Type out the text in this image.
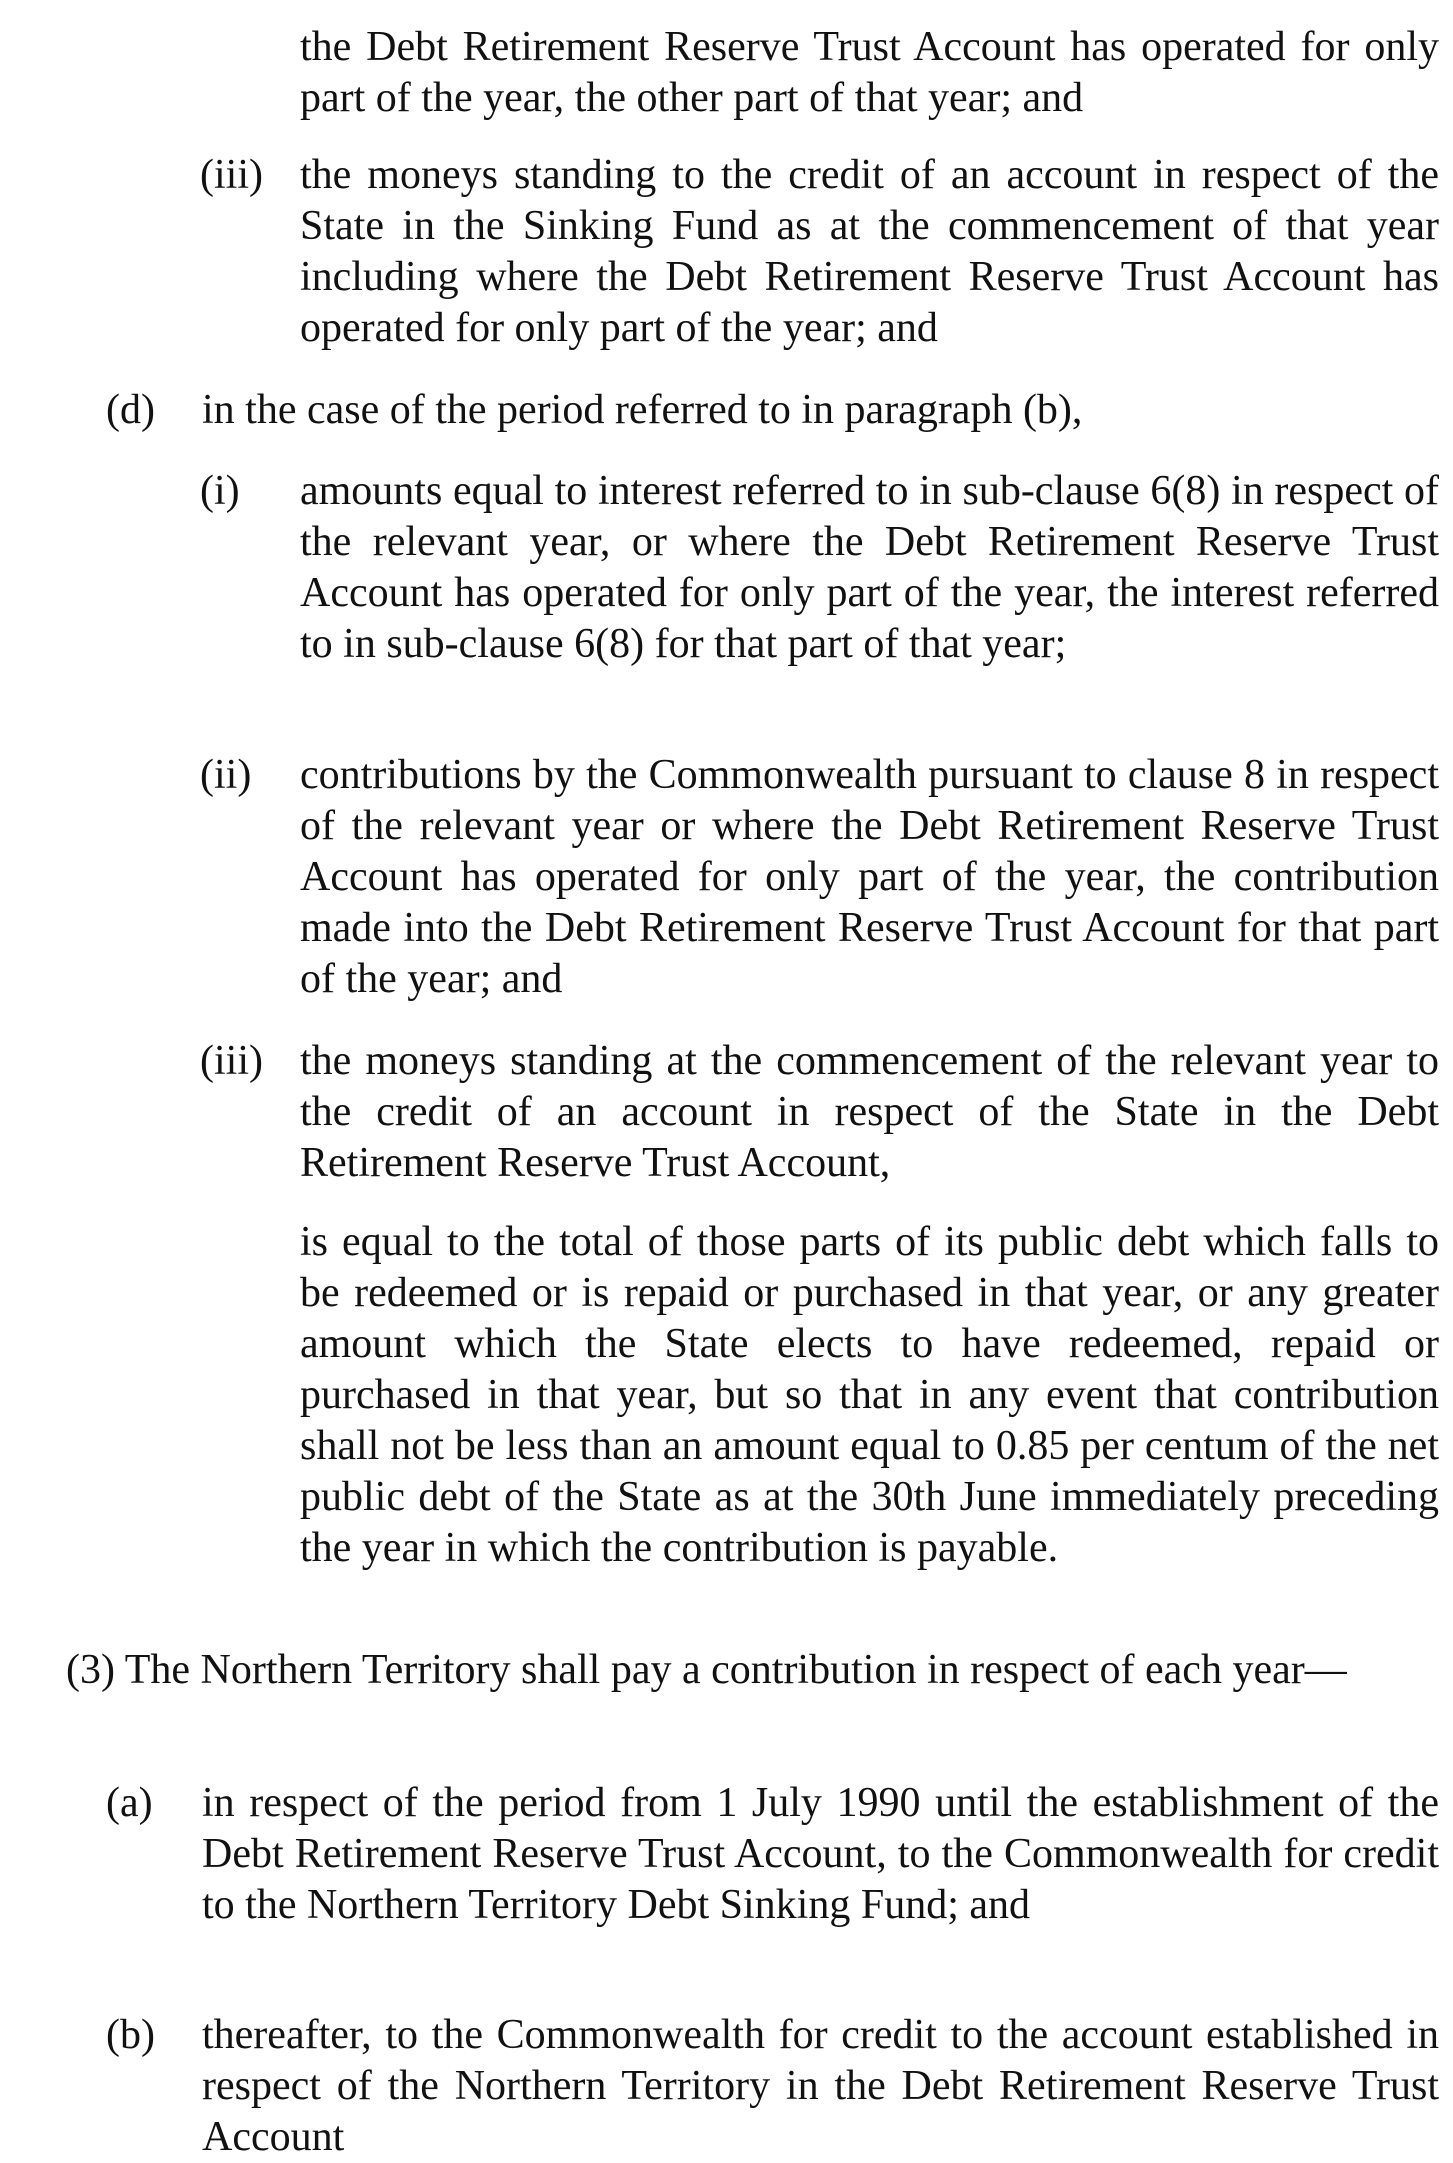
the Debt Retirement Reserve Trust Account has operated for only part of the year, the other part of that year; and

(iii) the moneys standing to the credit of an account in respect of the State in the Sinking Fund as at the commencement of that year including where the Debt Retirement Reserve Trust Account has operated for only part of the year; and

(d) in the case of the period referred to in paragraph (b),

(i) amounts equal to interest referred to in sub-clause 6(8) in respect of the relevant year, or where the Debt Retirement Reserve Trust Account has operated for only part of the year, the interest referred to in sub-clause 6(8) for that part of that year;

(ii) contributions by the Commonwealth pursuant to clause 8 in respect of the relevant year or where the Debt Retirement Reserve Trust Account has operated for only part of the year, the contribution made into the Debt Retirement Reserve Trust Account for that part of the year; and

(iii) the moneys standing at the commencement of the relevant year to the credit of an account in respect of the State in the Debt Retirement Reserve Trust Account,

is equal to the total of those parts of its public debt which falls to be redeemed or is repaid or purchased in that year, or any greater amount which the State elects to have redeemed, repaid or purchased in that year, but so that in any event that contribution shall not be less than an amount equal to 0.85 per centum of the net public debt of the State as at the 30th June immediately preceding the year in which the contribution is payable.

(3) The Northern Territory shall pay a contribution in respect of each year—

(a) in respect of the period from 1 July 1990 until the establishment of the Debt Retirement Reserve Trust Account, to the Commonwealth for credit to the Northern Territory Debt Sinking Fund; and

(b) thereafter, to the Commonwealth for credit to the account established in respect of the Northern Territory in the Debt Retirement Reserve Trust Account
